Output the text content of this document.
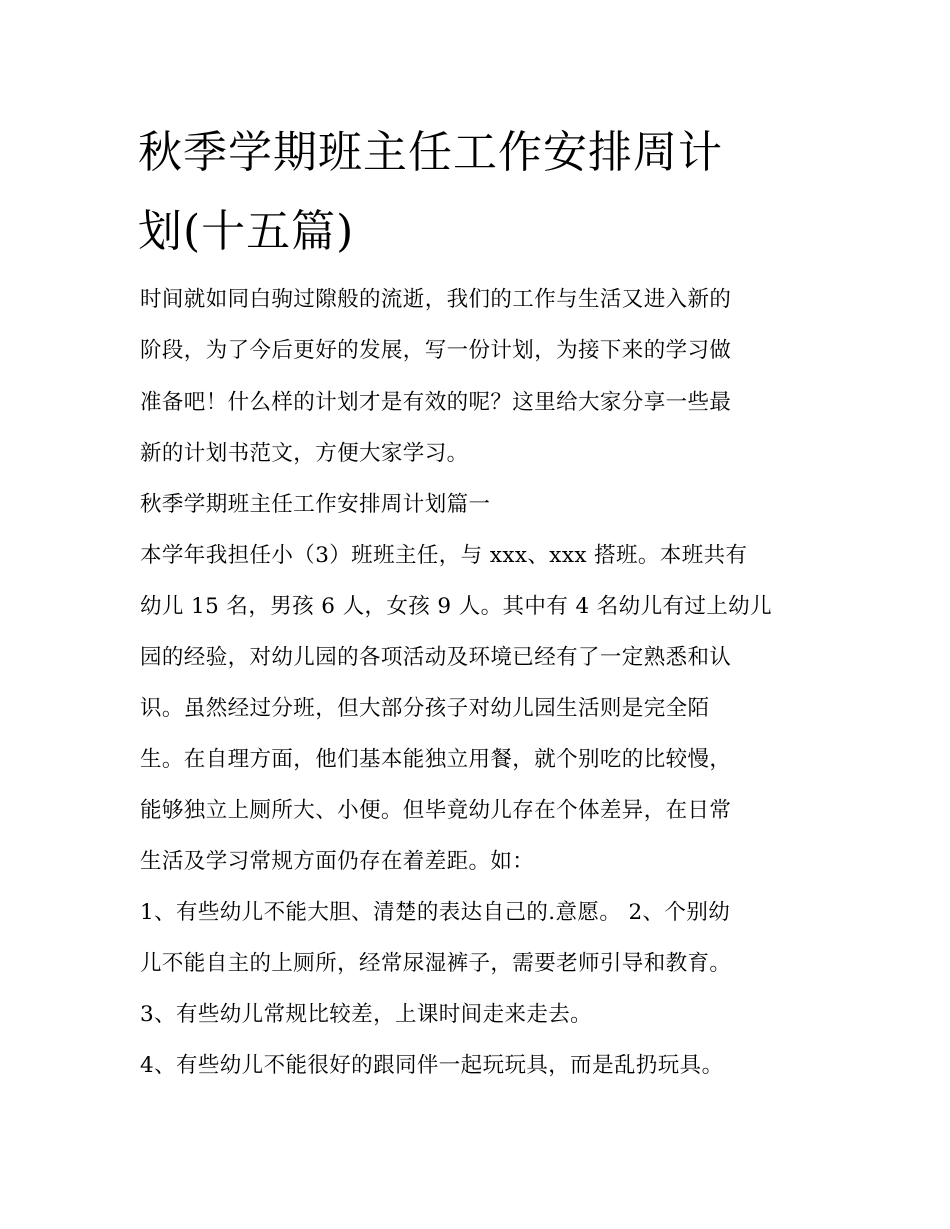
秋季学期班主任工作安排周计
划(十五篇)

时间就如同白驹过隙般的流逝，我们的工作与生活又进入新的

阶段，为了今后更好的发展，写一份计划，为接下来的学习做

准备吧！什么样的计划才是有效的呢？这里给大家分享一些最

新的计划书范文，方便大家学习。

秋季学期班主任工作安排周计划篇一

本学年我担任小（3）班班主任，与 xxx、xxx 搭班。本班共有

幼儿 15 名，男孩 6 人，女孩 9 人。其中有 4 名幼儿有过上幼儿

园的经验，对幼儿园的各项活动及环境已经有了一定熟悉和认

识。虽然经过分班，但大部分孩子对幼儿园生活则是完全陌

生。在自理方面，他们基本能独立用餐，就个别吃的比较慢，

能够独立上厕所大、小便。但毕竟幼儿存在个体差异，在日常

生活及学习常规方面仍存在着差距。如：

1、有些幼儿不能大胆、清楚的表达自己的.意愿。 2、个别幼

儿不能自主的上厕所，经常尿湿裤子，需要老师引导和教育。

3、有些幼儿常规比较差，上课时间走来走去。

4、有些幼儿不能很好的跟同伴一起玩玩具，而是乱扔玩具。
